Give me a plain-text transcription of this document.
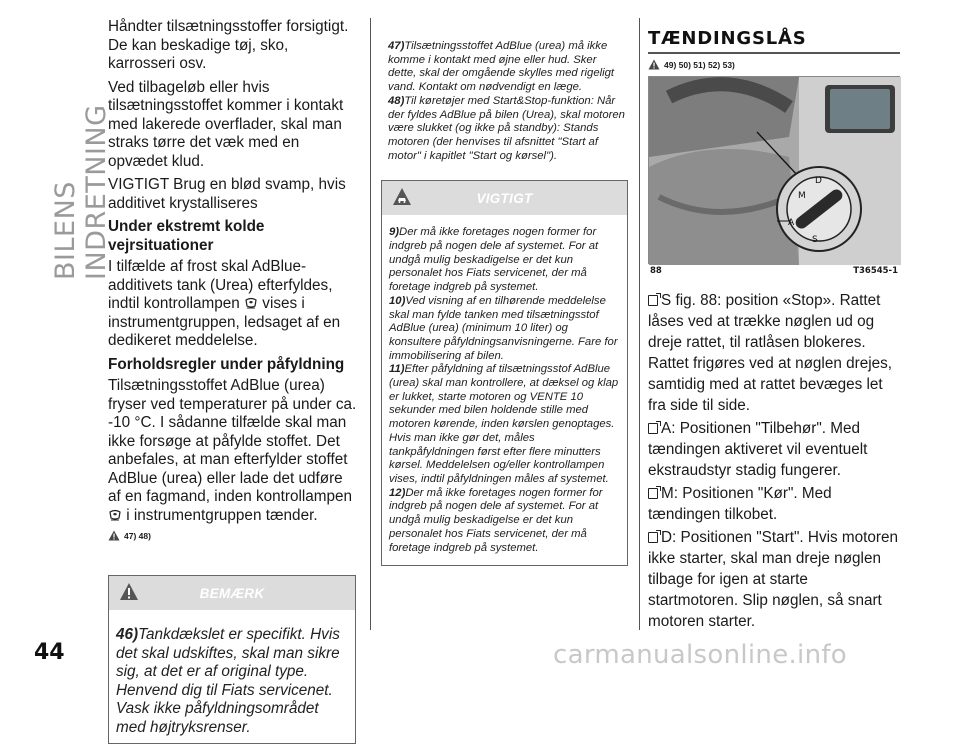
BILENS INDRETNING
44	carmanualsonline.info

Håndter tilsætningsstoffer forsigtigt. De kan beskadige tøj, sko, karrosseri osv.

Ved tilbageløb eller hvis tilsætningsstoffet kommer i kontakt med lakerede overflader, skal man straks tørre det væk med en opvædet klud.

VIGTIGT Brug en blød svamp, hvis additivet krystalliseres

Under ekstremt kolde vejrsituationer

I tilfælde af frost skal AdBlue-additivets tank (Urea) efterfyldes, indtil kontrollampen vises i instrumentgruppen, ledsaget af en dedikeret meddelelse.

Forholdsregler under påfyldning

Tilsætningsstoffet AdBlue (urea) fryser ved temperaturer på under ca. -10 °C. I sådanne tilfælde skal man ikke forsøge at påfylde stoffet. Det anbefales, at man efterfylder stoffet AdBlue (urea) eller lade det udføre af en fagmand, inden kontrollampen  i instrumentgruppen tænder.

47) 48)
BEMÆRK

46)Tankdækslet er specifikt. Hvis det skal udskiftes, skal man sikre sig, at det er af original type. Henvend dig til Fiats servicenet. Vask ikke påfyldningsområdet med højtryksrenser.

47)Tilsætningsstoffet AdBlue (urea) må ikke komme i kontakt med øjne eller hud. Sker dette, skal der omgående skylles med rigeligt vand. Kontakt om nødvendigt en læge.

48)Til køretøjer med Start&Stop-funktion: Når der fyldes AdBlue på bilen (Urea), skal motoren være slukket (og ikke på standby): Stands motoren (der henvises til afsnittet "Start af motor" i kapitlet "Start og kørsel").

VIGTIGT

9)Der må ikke foretages nogen former for indgreb på nogen dele af systemet. For at undgå mulig beskadigelse er det kun personalet hos Fiats servicenet, der må foretage indgreb på systemet.

10)Ved visning af en tilhørende meddelelse skal man fylde tanken med tilsætningsstof AdBlue (urea) (minimum 10 liter) og konsultere påfyldningsanvisningerne. Fare for immobilisering af bilen.

11)Efter påfyldning af tilsætningsstof AdBlue (urea) skal man kontrollere, at dæksel og klap er lukket, starte motoren og VENTE 10 sekunder med bilen holdende stille med motoren kørende, inden kørslen genoptages. Hvis man ikke gør det, måles tankpåfyldningen først efter flere minutters kørsel. Meddelelsen og/eller kontrollampen vises, indtil påfyldningen måles af systemet.

12)Der må ikke foretages nogen former for indgreb på nogen dele af systemet. For at undgå mulig beskadigelse er det kun personalet hos Fiats servicenet, der må foretage indgreb på systemet.

TÆNDINGSLÅS
49) 50) 51) 52) 53)
M
D
A
S
88	T36545-1

S fig. 88: position «Stop». Rattet låses ved at trække nøglen ud og dreje rattet, til ratlåsen blokeres. Rattet frigøres ved at nøglen drejes, samtidig med at rattet bevæges let fra side til side.

A: Positionen "Tilbehør". Med tændingen aktiveret vil eventuelt ekstraudstyr stadig fungerer.

M: Positionen "Kør". Med tændingen tilkobet.

D: Positionen "Start". Hvis motoren ikke starter, skal man dreje nøglen tilbage for igen at starte startmotoren. Slip nøglen, så snart motoren starter.
